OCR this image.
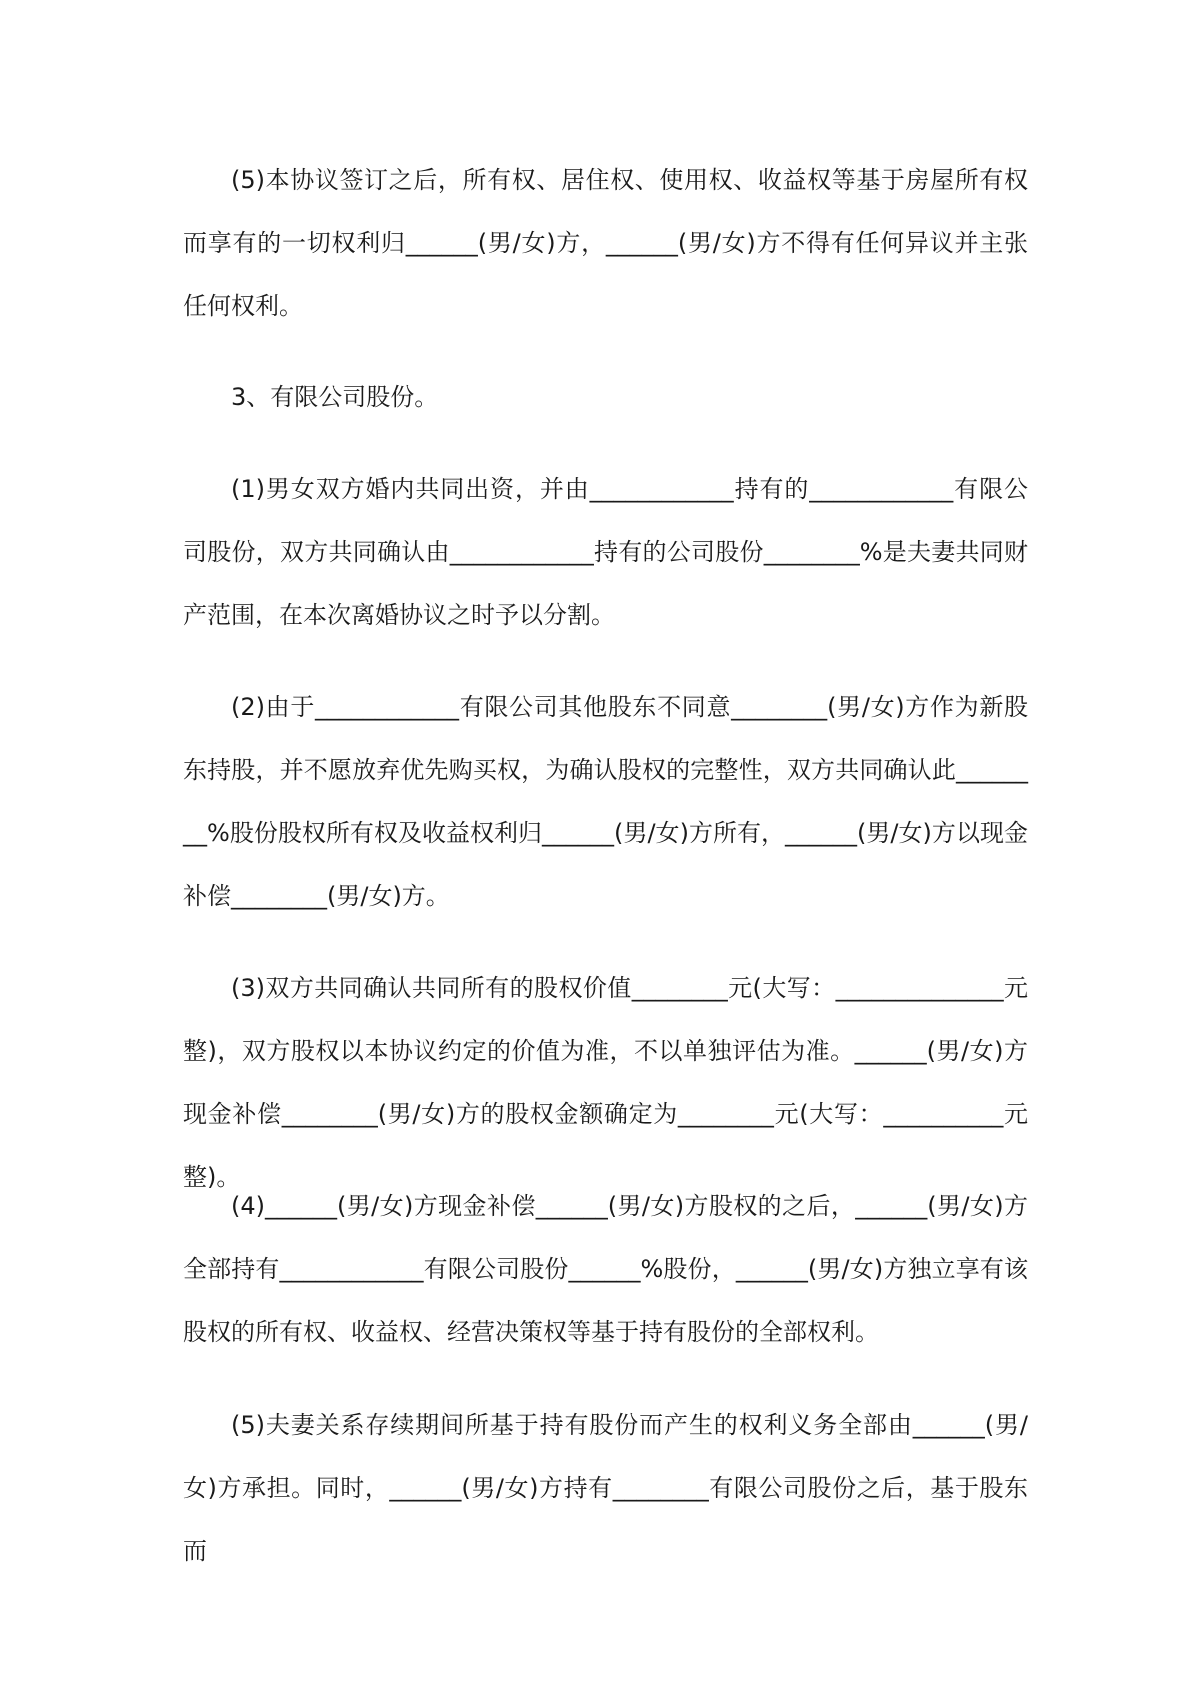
(5)本协议签订之后，所有权、居住权、使用权、收益权等基于房屋所有权而享有的一切权利归______(男/女)方，______(男/女)方不得有任何异议并主张任何权利。

3、有限公司股份。

(1)男女双方婚内共同出资，并由____________持有的____________有限公司股份，双方共同确认由____________持有的公司股份________%是夫妻共同财产范围，在本次离婚协议之时予以分割。

(2)由于____________有限公司其他股东不同意________(男/女)方作为新股东持股，并不愿放弃优先购买权，为确认股权的完整性，双方共同确认此________%股份股权所有权及收益权利归______(男/女)方所有，______(男/女)方以现金补偿________(男/女)方。

(3)双方共同确认共同所有的股权价值________元(大写：______________元整)，双方股权以本协议约定的价值为准，不以单独评估为准。______(男/女)方现金补偿________(男/女)方的股权金额确定为________元(大写：__________元整)。

(4)______(男/女)方现金补偿______(男/女)方股权的之后，______(男/女)方全部持有____________有限公司股份______%股份，______(男/女)方独立享有该股权的所有权、收益权、经营决策权等基于持有股份的全部权利。

(5)夫妻关系存续期间所基于持有股份而产生的权利义务全部由______(男/女)方承担。同时，______(男/女)方持有________有限公司股份之后，基于股东而
